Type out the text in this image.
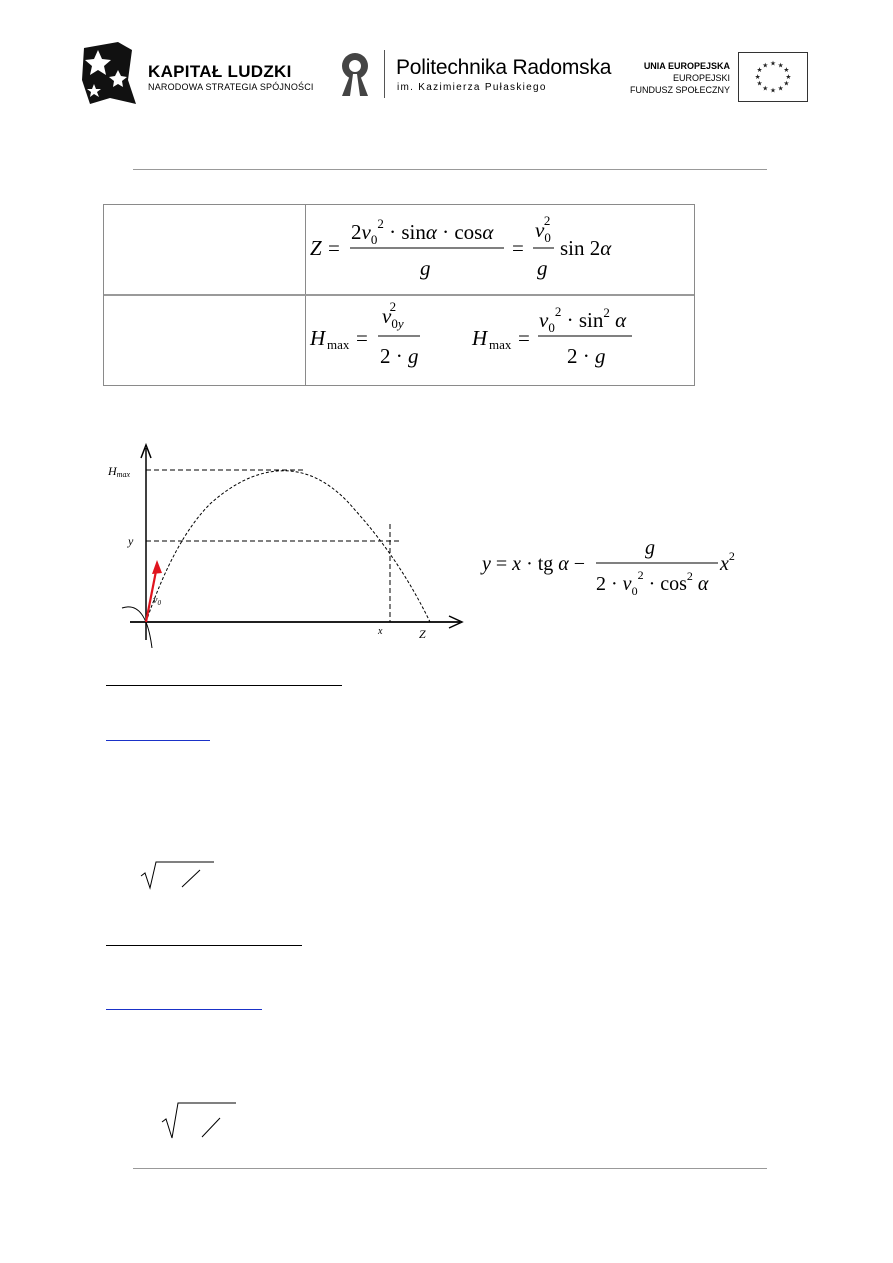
KAPITAŁ LUDZKI
NARODOWA STRATEGIA SPÓJNOŚCI
Politechnika Radomska
im. Kazimierza Pułaskiego
UNIA EUROPEJSKA
EUROPEJSKI
FUNDUSZ SPOŁECZNY
★ ★
★
★
★
★
★
★
★
★
★
★
Z =
$2v_0^2 \cdot \sin\alpha \cdot \cos\alpha$
g
=
$v_02$
g
sin 2α
H max =
$v_{0y}2$
2 · g
H max =
$v_0^2 \cdot \sin^2 \alpha$
2 · g
Hmax
y
x	Z
$v_0$
y = x · tg α −
g
$2 \cdot v_0^2 \cdot \cos^2 \alpha$
$x^2$
